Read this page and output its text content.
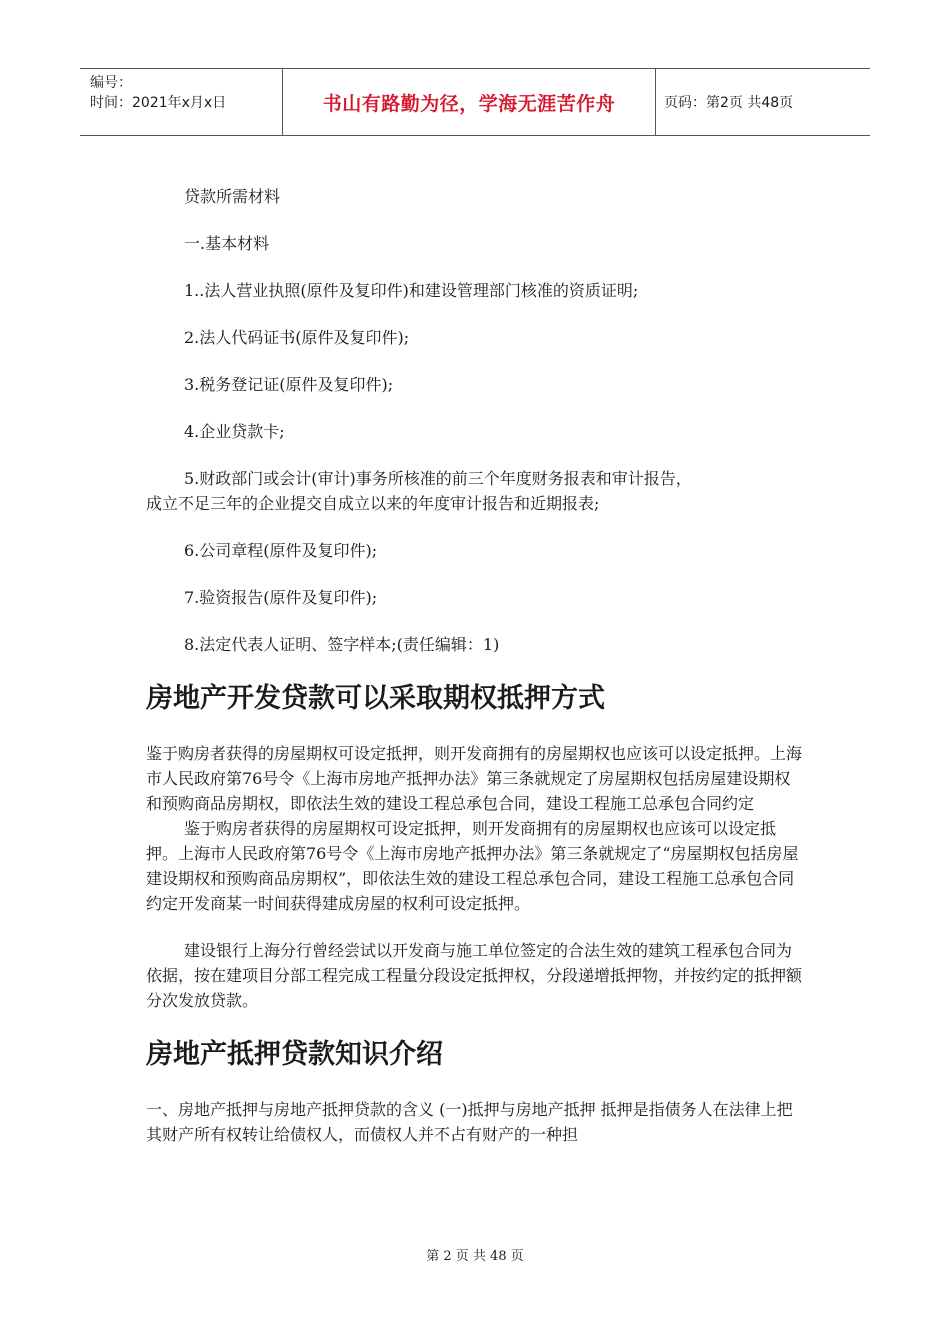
编号：
时间：2021年x月x日	书山有路勤为径，学海无涯苦作舟	页码：第2页 共48页

贷款所需材料

一.基本材料

1..法人营业执照(原件及复印件)和建设管理部门核准的资质证明;

2.法人代码证书(原件及复印件);

3.税务登记证(原件及复印件);

4.企业贷款卡;

5.财政部门或会计(审计)事务所核准的前三个年度财务报表和审计报告，

成立不足三年的企业提交自成立以来的年度审计报告和近期报表;

6.公司章程(原件及复印件);

7.验资报告(原件及复印件);

8.法定代表人证明、签字样本;(责任编辑：1)

房地产开发贷款可以采取期权抵押方式

鉴于购房者获得的房屋期权可设定抵押，则开发商拥有的房屋期权也应该可以设定抵押。上海市人民政府第76号令《上海市房地产抵押办法》第三条就规定了房屋期权包括房屋建设期权和预购商品房期权，即依法生效的建设工程总承包合同，建设工程施工总承包合同约定

鉴于购房者获得的房屋期权可设定抵押，则开发商拥有的房屋期权也应该可以设定抵押。上海市人民政府第76号令《上海市房地产抵押办法》第三条就规定了“房屋期权包括房屋建设期权和预购商品房期权”，即依法生效的建设工程总承包合同，建设工程施工总承包合同约定开发商某一时间获得建成房屋的权利可设定抵押。

建设银行上海分行曾经尝试以开发商与施工单位签定的合法生效的建筑工程承包合同为依据，按在建项目分部工程完成工程量分段设定抵押权，分段递增抵押物，并按约定的抵押额分次发放贷款。

房地产抵押贷款知识介绍

一、房地产抵押与房地产抵押贷款的含义 (一)抵押与房地产抵押 抵押是指债务人在法律上把其财产所有权转让给债权人，而债权人并不占有财产的一种担

第 2 页 共 48 页
